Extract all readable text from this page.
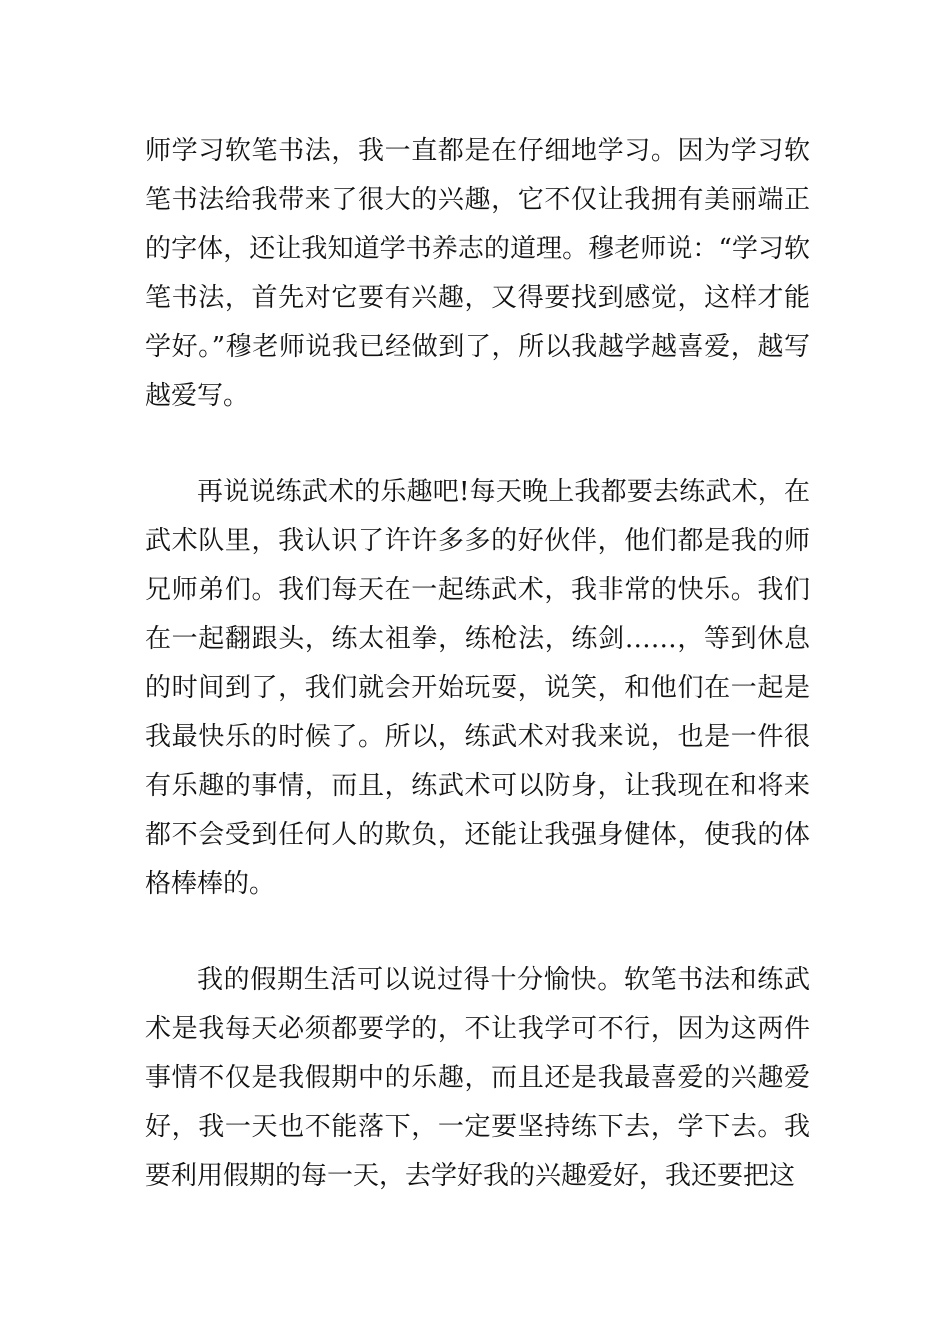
师学习软笔书法，我一直都是在仔细地学习。因为学习软笔书法给我带来了很大的兴趣，它不仅让我拥有美丽端正的字体，还让我知道学书养志的道理。穆老师说：“学习软笔书法，首先对它要有兴趣，又得要找到感觉，这样才能学好。”穆老师说我已经做到了，所以我越学越喜爱，越写越爱写。

再说说练武术的乐趣吧!每天晚上我都要去练武术，在武术队里，我认识了许许多多的好伙伴，他们都是我的师兄师弟们。我们每天在一起练武术，我非常的快乐。我们在一起翻跟头，练太祖拳，练枪法，练剑……，等到休息的时间到了，我们就会开始玩耍，说笑，和他们在一起是我最快乐的时候了。所以，练武术对我来说，也是一件很有乐趣的事情，而且，练武术可以防身，让我现在和将来都不会受到任何人的欺负，还能让我强身健体，使我的体格棒棒的。

我的假期生活可以说过得十分愉快。软笔书法和练武术是我每天必须都要学的，不让我学可不行，因为这两件事情不仅是我假期中的乐趣，而且还是我最喜爱的兴趣爱好，我一天也不能落下，一定要坚持练下去，学下去。我要利用假期的每一天，去学好我的兴趣爱好，我还要把这
